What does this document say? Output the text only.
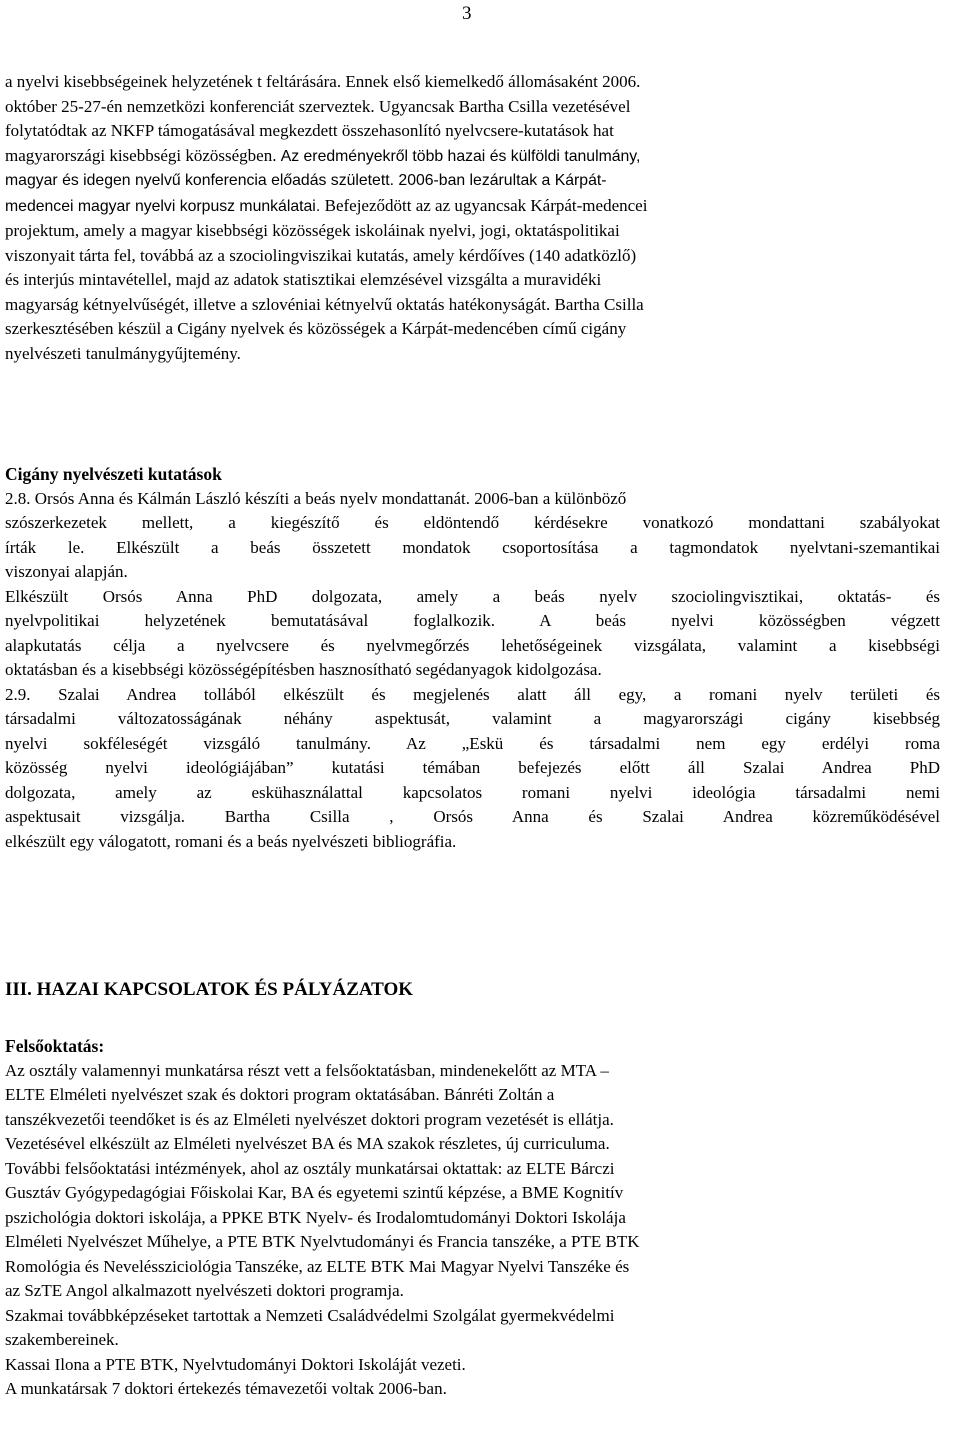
3
a nyelvi kisebbségeinek helyzetének t feltárására. Ennek első kiemelkedő állomásaként 2006.
október 25-27-én nemzetközi konferenciát szerveztek. Ugyancsak Bartha Csilla vezetésével
folytatódtak az NKFP támogatásával megkezdett összehasonlító nyelvcsere-kutatások hat
magyarországi kisebbségi közösségben. Az eredményekről több hazai és külföldi tanulmány,
magyar és idegen nyelvű konferencia előadás született. 2006-ban lezárultak a Kárpát-
medencei magyar nyelvi korpusz munkálatai. Befejeződött az az ugyancsak Kárpát-medencei
projektum, amely a magyar kisebbségi közösségek iskoláinak nyelvi, jogi, oktatáspolitikai
viszonyait tárta fel, továbbá az a szociolingviszikai kutatás, amely kérdőíves (140 adatközlő)
és interjús mintavétellel, majd az adatok statisztikai elemzésével vizsgálta a muravidéki
magyarság kétnyelvűségét, illetve a szlovéniai kétnyelvű oktatás hatékonyságát. Bartha Csilla
szerkesztésében készül a Cigány nyelvek és közösségek a Kárpát-medencében című cigány
nyelvészeti tanulmánygyűjtemény.
Cigány nyelvészeti kutatások
2.8. Orsós Anna és Kálmán László készíti a beás nyelv mondattanát. 2006-ban a különböző
szószerkezetek mellett, a kiegészítő és eldöntendő kérdésekre vonatkozó mondattani szabályokat
írták le. Elkészült a beás összetett mondatok csoportosítása a tagmondatok nyelvtani-szemantikai
viszonyai alapján.
Elkészült Orsós Anna PhD dolgozata, amely a beás nyelv szociolingvisztikai, oktatás- és
nyelvpolitikai helyzetének bemutatásával foglalkozik. A beás nyelvi közösségben végzett
alapkutatás célja a nyelvcsere és nyelvmegőrzés lehetőségeinek vizsgálata, valamint a kisebbségi
oktatásban és a kisebbségi közösségépítésben hasznosítható segédanyagok kidolgozása.
2.9. Szalai Andrea tollából elkészült és megjelenés alatt áll egy, a romani nyelv területi és
társadalmi változatosságának néhány aspektusát, valamint a magyarországi cigány kisebbség
nyelvi sokféleségét vizsgáló tanulmány. Az „Eskü és társadalmi nem egy erdélyi roma
közösség nyelvi ideológiájában” kutatási témában befejezés előtt áll Szalai Andrea PhD
dolgozata, amely az eskühasználattal kapcsolatos romani nyelvi ideológia társadalmi nemi
aspektusait vizsgálja. Bartha Csilla , Orsós Anna és Szalai Andrea közreműködésével
elkészült egy válogatott, romani és a beás nyelvészeti bibliográfia.
III. HAZAI KAPCSOLATOK ÉS PÁLYÁZATOK
Felsőoktatás:
Az osztály valamennyi munkatársa részt vett a felsőoktatásban, mindenekelőtt az MTA –
ELTE Elméleti nyelvészet szak és doktori program oktatásában. Bánréti Zoltán a
tanszékvezetői teendőket is és az Elméleti nyelvészet doktori program vezetését is ellátja.
Vezetésével elkészült az Elméleti nyelvészet BA és MA szakok részletes, új curriculuma.
További felsőoktatási intézmények, ahol az osztály munkatársai oktattak: az ELTE Bárczi
Gusztáv Gyógypedagógiai Főiskolai Kar, BA és egyetemi szintű képzése, a BME Kognitív
pszichológia doktori iskolája, a PPKE BTK Nyelv- és Irodalomtudományi Doktori Iskolája
Elméleti Nyelvészet Műhelye, a PTE BTK Nyelvtudományi és Francia tanszéke, a PTE BTK
Romológia és Neveléssziciológia Tanszéke, az ELTE BTK Mai Magyar Nyelvi Tanszéke és
az SzTE Angol alkalmazott nyelvészeti doktori programja.
Szakmai továbbképzéseket tartottak a Nemzeti Családvédelmi Szolgálat gyermekvédelmi
szakembereinek.
Kassai Ilona a PTE BTK, Nyelvtudományi Doktori Iskoláját vezeti.
A munkatársak 7 doktori értekezés témavezetői voltak 2006-ban.
